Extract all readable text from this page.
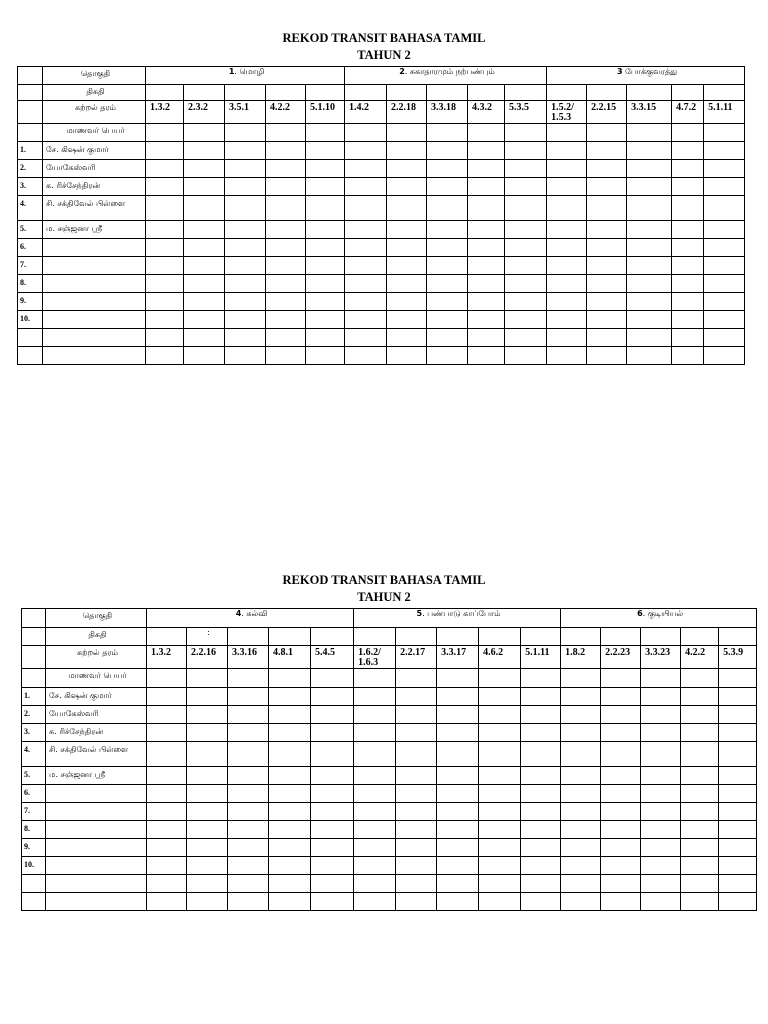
REKOD TRANSIT BAHASA TAMIL
TAHUN 2
	தொகுதி	1. மொழி					2. சுகாதாரமும் நற்பண்பும்					3 போக்குவரத்து				
	திகதி															
	கற்றல் தரம்	1.3.2	2.3.2	3.5.1	4.2.2	5.1.10	1.4.2	2.2.18	3.3.18	4.3.2	5.3.5	1.5.2/ 1.5.3	2.2.15	3.3.15	4.7.2	5.1.11
	மாணவர் பெயர்															
1.	சே. கிஷன் குமார்															
2.	யோகேஸ்வரி															
3.	க. ரிச்சேந்திரன்															
4.	சி. சக்திவேல் பிள்ளை															
5.	ம. சஞ்ஜனா ஸ்ரீ															
6.																
7.																
8.																
9.																
10.																

REKOD TRANSIT BAHASA TAMIL
TAHUN 2
	தொகுதி	4. கல்வி					5. பண்பாடு காப்போம்					6. குடியியல்				
	திகதி		:													
	கற்றல் தரம்	1.3.2	2.2.16	3.3.16	4.8.1	5.4.5	1.6.2/ 1.6.3	2.2.17	3.3.17	4.6.2	5.1.11	1.8.2	2.2.23	3.3.23	4.2.2	5.3.9
	மாணவர் பெயர்															
1.	சே. கிஷன் குமார்															
2.	யோகேஸ்வரி															
3.	க. ரிச்சேந்திரன்															
4.	சி. சக்திவேல் பிள்ளை															
5.	ம. சஞ்ஜனா ஸ்ரீ															
6.																
7.																
8.																
9.																
10.																
